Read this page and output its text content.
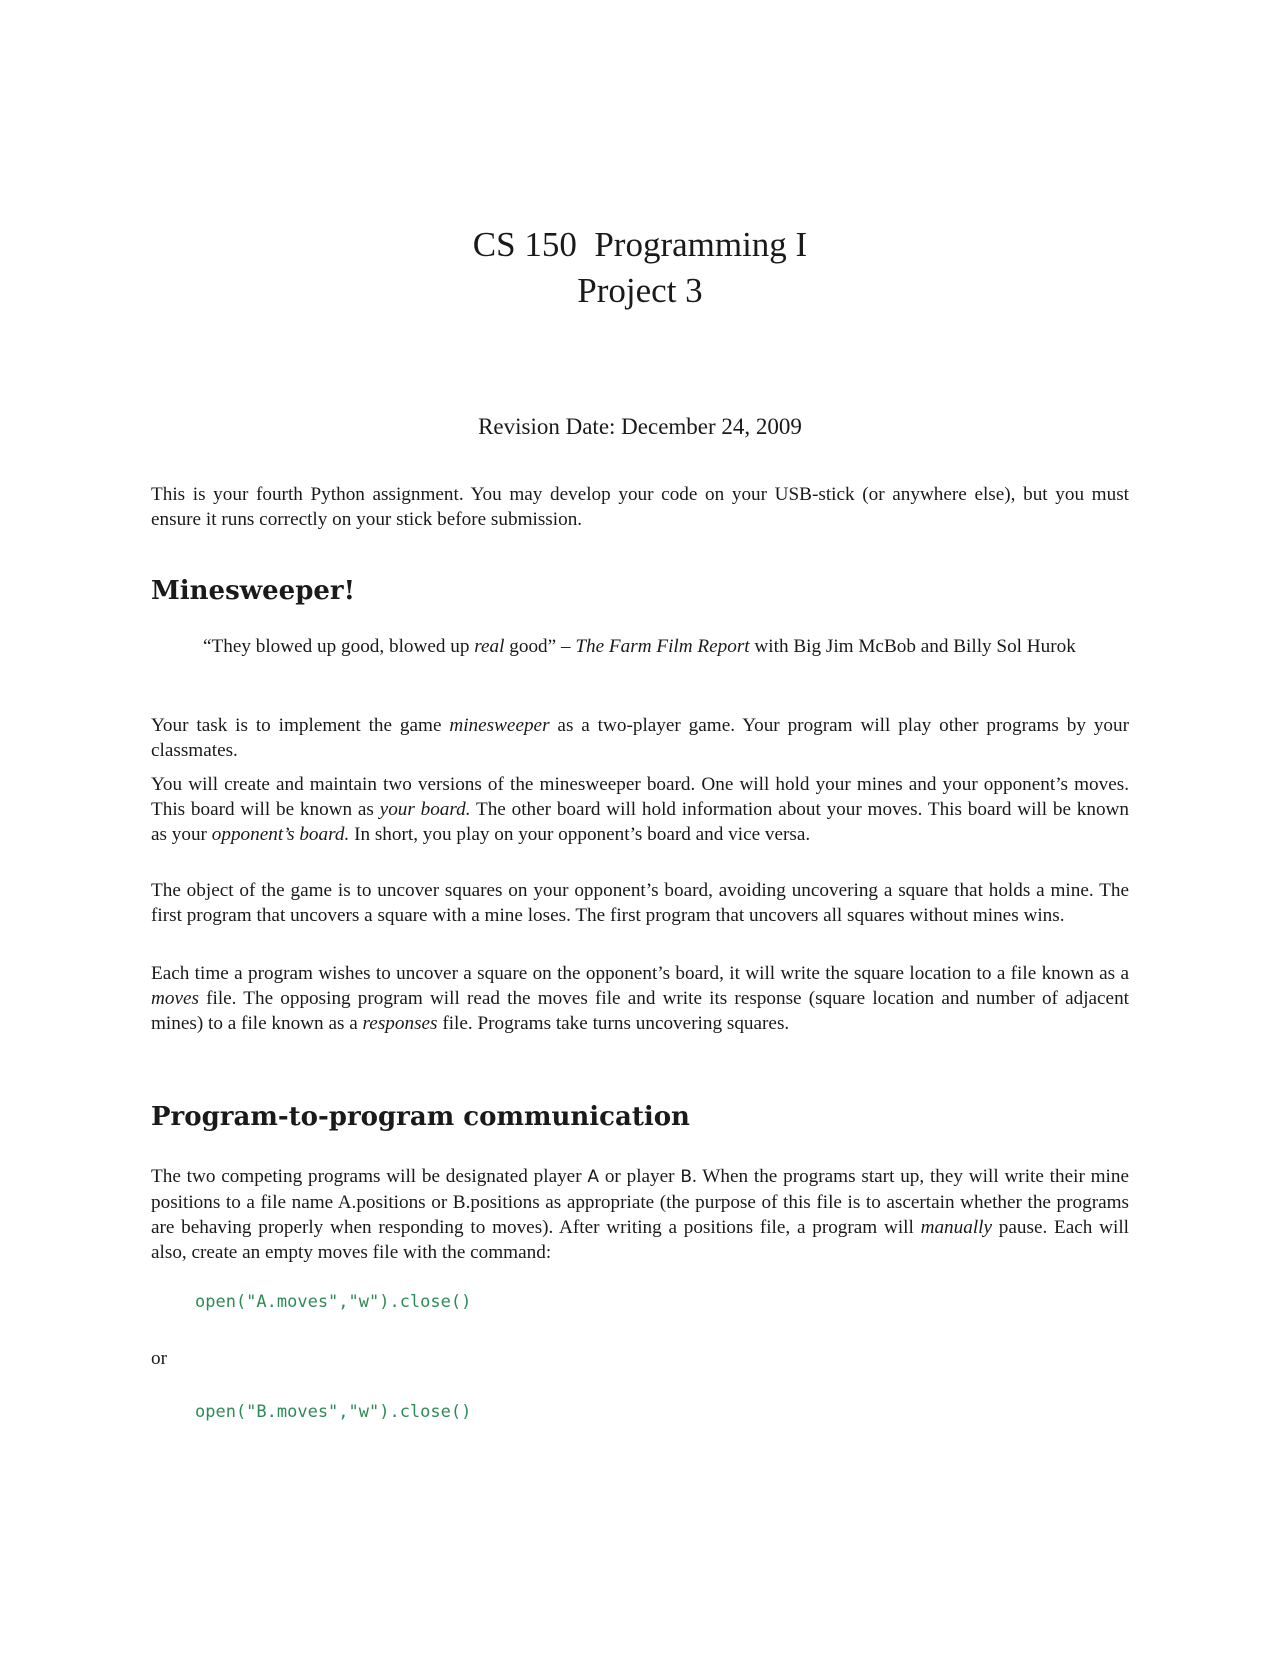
CS 150  Programming I
Project 3
Revision Date: December 24, 2009
This is your fourth Python assignment. You may develop your code on your USB-stick (or anywhere else), but you must ensure it runs correctly on your stick before submission.
Minesweeper!
“They blowed up good, blowed up real good” – The Farm Film Report with Big Jim McBob and Billy Sol Hurok
Your task is to implement the game minesweeper as a two-player game. Your program will play other programs by your classmates.
You will create and maintain two versions of the minesweeper board. One will hold your mines and your opponent’s moves. This board will be known as your board. The other board will hold information about your moves. This board will be known as your opponent’s board. In short, you play on your opponent’s board and vice versa.
The object of the game is to uncover squares on your opponent’s board, avoiding uncovering a square that holds a mine. The first program that uncovers a square with a mine loses. The first program that uncovers all squares without mines wins.
Each time a program wishes to uncover a square on the opponent’s board, it will write the square location to a file known as a moves file. The opposing program will read the moves file and write its response (square location and number of adjacent mines) to a file known as a responses file. Programs take turns uncovering squares.
Program-to-program communication
The two competing programs will be designated player A or player B. When the programs start up, they will write their mine positions to a file name A.positions or B.positions as appropriate (the purpose of this file is to ascertain whether the programs are behaving properly when responding to moves). After writing a positions file, a program will manually pause. Each will also, create an empty moves file with the command:
open("A.moves","w").close()
or
open("B.moves","w").close()
